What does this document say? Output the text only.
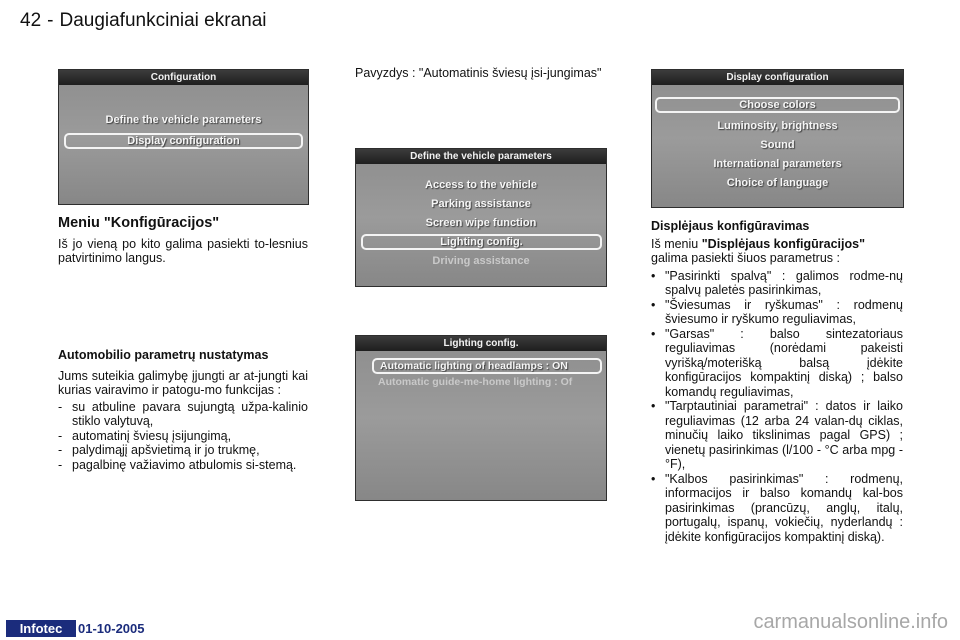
42 - Daugiafunkciniai ekranai
Configuration
Define the vehicle parameters
Display configuration
Define the vehicle parameters
Access to the vehicle
Parking assistance
Screen wipe function
Lighting config.
Driving assistance
Lighting config.
Automatic lighting of headlamps : ON
Automatic guide-me-home lighting : Of
Display configuration
Choose colors
Luminosity, brightness
Sound
International parameters
Choice of language

Meniu "Konfigūracijos"

Iš jo vieną po kito galima pasiekti to-lesnius patvirtinimo langus.

Automobilio parametrų nustatymas

Jums suteikia galimybę įjungti ar at-jungti kai kurias vairavimo ir patogu-mo funkcijas :

- su atbuline pavara sujungtą užpa-kalinio stiklo valytuvą,
- automatinį šviesų įsijungimą,
- palydimąjį apšvietimą ir jo trukmę,
- pagalbinę važiavimo atbulomis si-stemą.
Pavyzdys : "Automatinis šviesų įsi-jungimas"

Displėjaus konfigūravimas

Iš meniu "Displėjaus konfigūracijos" galima pasiekti šiuos parametrus :

• "Pasirinkti spalvą" : galimos rodme-nų spalvų paletės pasirinkimas,
• "Šviesumas ir ryškumas" : rodmenų šviesumo ir ryškumo reguliavimas,
• "Garsas" : balso sintezatoriaus reguliavimas (norėdami pakeisti vyrišką/moterišką balsą įdėkite konfigūracijos kompaktinį diską) ; balso komandų reguliavimas,
• "Tarptautiniai parametrai" : datos ir laiko reguliavimas (12 arba 24 valan-dų ciklas, minučių laiko tikslinimas pagal GPS) ; vienetų pasirinkimas (l/100 - °C arba mpg - °F),
• "Kalbos pasirinkimas" : rodmenų, informacijos ir balso komandų kal-bos pasirinkimas (prancūzų, anglų, italų, portugalų, ispanų, vokiečių, nyderlandų : įdėkite konfigūracijos kompaktinį diską).
Infotec	01-10-2005	carmanualsonline.info
